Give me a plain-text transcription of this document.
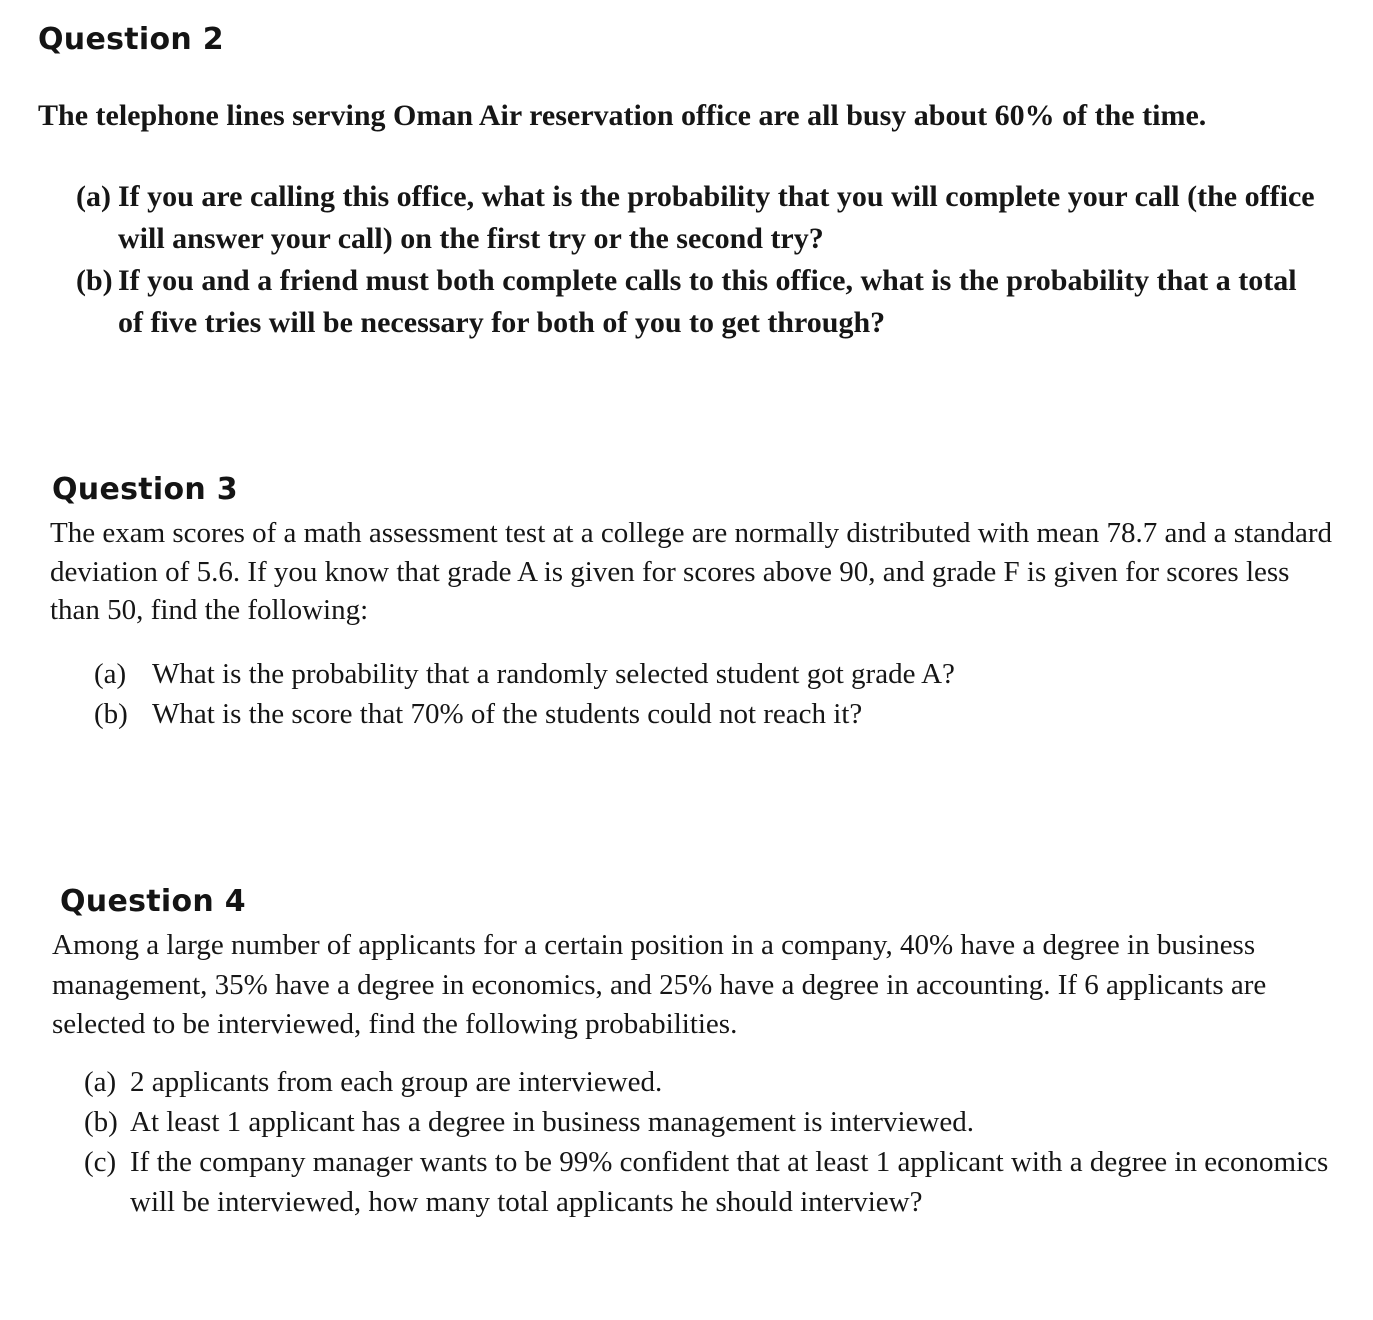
Question 2

The telephone lines serving Oman Air reservation office are all busy about 60% of the time.

(a) If you are calling this office, what is the probability that you will complete your call (the office will answer your call) on the first try or the second try?
(b) If you and a friend must both complete calls to this office, what is the probability that a total of five tries will be necessary for both of you to get through?
Question 3

The exam scores of a math assessment test at a college are normally distributed with mean 78.7 and a standard deviation of 5.6. If you know that grade A is given for scores above 90, and grade F is given for scores less than 50, find the following:

(a) What is the probability that a randomly selected student got grade A?
(b) What is the score that 70% of the students could not reach it?
Question 4

Among a large number of applicants for a certain position in a company, 40% have a degree in business management, 35% have a degree in economics, and 25% have a degree in accounting. If 6 applicants are selected to be interviewed, find the following probabilities.

(a) 2 applicants from each group are interviewed.
(b) At least 1 applicant has a degree in business management is interviewed.
(c) If the company manager wants to be 99% confident that at least 1 applicant with a degree in economics will be interviewed, how many total applicants he should interview?
